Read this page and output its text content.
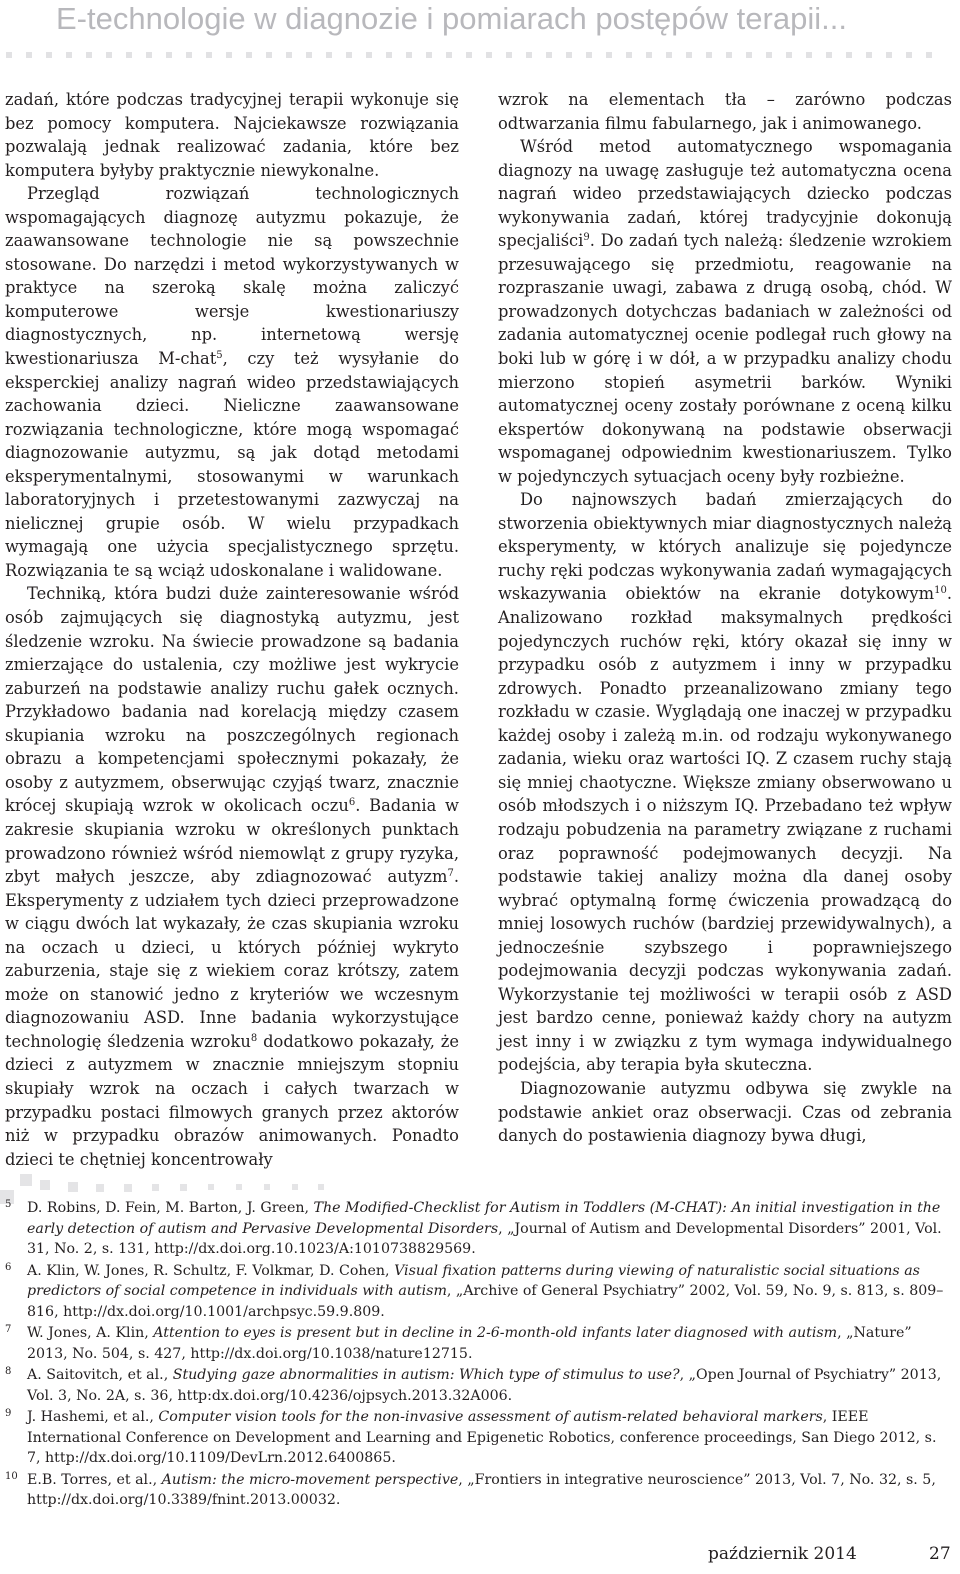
E-technologie w diagnozie i pomiarach postępów terapii...

zadań, które podczas tradycyjnej terapii wykonuje się bez pomocy komputera. Najciekawsze rozwiązania pozwalają jednak realizować zadania, które bez komputera byłyby praktycznie niewykonalne.

Przegląd rozwiązań technologicznych wspomagających diagnozę autyzmu pokazuje, że zaawansowane technologie nie są powszechnie stosowane. Do narzędzi i metod wykorzystywanych w praktyce na szeroką skalę można zaliczyć komputerowe wersje kwestionariuszy diagnostycznych, np. internetową wersję kwestionariusza M-chat$^5$, czy też wysyłanie do eksperckiej analizy nagrań wideo przedstawiających zachowania dzieci. Nieliczne zaawansowane rozwiązania technologiczne, które mogą wspomagać diagnozowanie autyzmu, są jak dotąd metodami eksperymentalnymi, stosowanymi w warunkach laboratoryjnych i przetestowanymi zazwyczaj na nielicznej grupie osób. W wielu przypadkach wymagają one użycia specjalistycznego sprzętu. Rozwiązania te są wciąż udoskonalane i walidowane.

Techniką, która budzi duże zainteresowanie wśród osób zajmujących się diagnostyką autyzmu, jest śledzenie wzroku. Na świecie prowadzone są badania zmierzające do ustalenia, czy możliwe jest wykrycie zaburzeń na podstawie analizy ruchu gałek ocznych. Przykładowo badania nad korelacją między czasem skupiania wzroku na poszczególnych regionach obrazu a kompetencjami społecznymi pokazały, że osoby z autyzmem, obserwując czyjąś twarz, znacznie krócej skupiają wzrok w okolicach oczu$^6$. Badania w zakresie skupiania wzroku w określonych punktach prowadzono również wśród niemowląt z grupy ryzyka, zbyt małych jeszcze, aby zdiagnozować autyzm$^7$. Eksperymenty z udziałem tych dzieci przeprowadzone w ciągu dwóch lat wykazały, że czas skupiania wzroku na oczach u dzieci, u których później wykryto zaburzenia, staje się z wiekiem coraz krótszy, zatem może on stanowić jedno z kryteriów we wczesnym diagnozowaniu ASD. Inne badania wykorzystujące technologię śledzenia wzroku$^8$ dodatkowo pokazały, że dzieci z autyzmem w znacznie mniejszym stopniu skupiały wzrok na oczach i całych twarzach w przypadku postaci filmowych granych przez aktorów niż w przypadku obrazów animowanych. Ponadto dzieci te chętniej koncentrowały

wzrok na elementach tła – zarówno podczas odtwarzania filmu fabularnego, jak i animowanego.

Wśród metod automatycznego wspomagania diagnozy na uwagę zasługuje też automatyczna ocena nagrań wideo przedstawiających dziecko podczas wykonywania zadań, której tradycyjnie dokonują specjaliści$^9$. Do zadań tych należą: śledzenie wzrokiem przesuwającego się przedmiotu, reagowanie na rozpraszanie uwagi, zabawa z drugą osobą, chód. W prowadzonych dotychczas badaniach w zależności od zadania automatycznej ocenie podlegał ruch głowy na boki lub w górę i w dół, a w przypadku analizy chodu mierzono stopień asymetrii barków. Wyniki automatycznej oceny zostały porównane z oceną kilku ekspertów dokonywaną na podstawie obserwacji wspomaganej odpowiednim kwestionariuszem. Tylko w pojedynczych sytuacjach oceny były rozbieżne.

Do najnowszych badań zmierzających do stworzenia obiektywnych miar diagnostycznych należą eksperymenty, w których analizuje się pojedyncze ruchy ręki podczas wykonywania zadań wymagających wskazywania obiektów na ekranie dotykowym$^{10}$. Analizowano rozkład maksymalnych prędkości pojedynczych ruchów ręki, który okazał się inny w przypadku osób z autyzmem i inny w przypadku zdrowych. Ponadto przeanalizowano zmiany tego rozkładu w czasie. Wyglądają one inaczej w przypadku każdej osoby i zależą m.in. od rodzaju wykonywanego zadania, wieku oraz wartości IQ. Z czasem ruchy stają się mniej chaotyczne. Większe zmiany obserwowano u osób młodszych i o niższym IQ. Przebadano też wpływ rodzaju pobudzenia na parametry związane z ruchami oraz poprawność podejmowanych decyzji. Na podstawie takiej analizy można dla danej osoby wybrać optymalną formę ćwiczenia prowadzącą do mniej losowych ruchów (bardziej przewidywalnych), a jednocześnie szybszego i poprawniejszego podejmowania decyzji podczas wykonywania zadań. Wykorzystanie tej możliwości w terapii osób z ASD jest bardzo cenne, ponieważ każdy chory na autyzm jest inny i w związku z tym wymaga indywidualnego podejścia, aby terapia była skuteczna.

Diagnozowanie autyzmu odbywa się zwykle na podstawie ankiet oraz obserwacji. Czas od zebrania danych do postawienia diagnozy bywa długi,

5 D. Robins, D. Fein, M. Barton, J. Green, The Modified-Checklist for Autism in Toddlers (M-CHAT): An initial investigation in the early detection of autism and Pervasive Developmental Disorders, „Journal of Autism and Developmental Disorders” 2001, Vol. 31, No. 2, s. 131, http://dx.doi.org.10.1023/A:1010738829569.

6 A. Klin, W. Jones, R. Schultz, F. Volkmar, D. Cohen, Visual fixation patterns during viewing of naturalistic social situations as predictors of social competence in individuals with autism, „Archive of General Psychiatry” 2002, Vol. 59, No. 9, s. 813, s. 809–816, http://dx.doi.org/10.1001/archpsyc.59.9.809.

7 W. Jones, A. Klin, Attention to eyes is present but in decline in 2-6-month-old infants later diagnosed with autism, „Nature” 2013, No. 504, s. 427, http://dx.doi.org/10.1038/nature12715.

8 A. Saitovitch, et al., Studying gaze abnormalities in autism: Which type of stimulus to use?, „Open Journal of Psychiatry” 2013, Vol. 3, No. 2A, s. 36, http:dx.doi.org/10.4236/ojpsych.2013.32A006.

9 J. Hashemi, et al., Computer vision tools for the non-invasive assessment of autism-related behavioral markers, IEEE International Conference on Development and Learning and Epigenetic Robotics, conference proceedings, San Diego 2012, s. 7, http://dx.doi.org/10.1109/DevLrn.2012.6400865.

10 E.B. Torres, et al., Autism: the micro-movement perspective, „Frontiers in integrative neuroscience” 2013, Vol. 7, No. 32, s. 5, http://dx.doi.org/10.3389/fnint.2013.00032.

październik 2014	27
